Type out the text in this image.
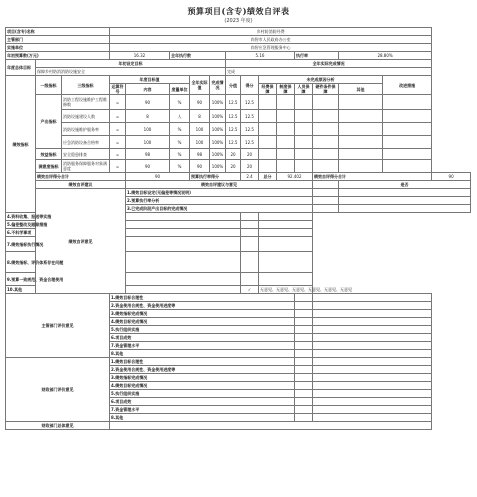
预算项目(含专)绩效自评表
(2023 年度)
项目(含专)名称			乡村防消防经费													
主管部门			尚智市人民政府办公室													
实施单位			尚智应急管理服务中心													
年初预算数(万元)			16.32		全年执行数			5.16				执行率		28.80%		
年度总体目标	年初设定目标							全年实际完成情况								
	保障乡村防消消防设施安全							完成								
绩效指标	一级指标	三级指标	年度目标值			全年实际值	完成情况	分值	得分	未完成原因分析					改进措施	
			运算符号	内容	度量单位					经费保障	制度保障	人员保障	硬件条件保障	其他		
	产出指标	消防工程设施维护工程维修数	=	90	%	90	100%	12.5	12.5							
		消防设施建设人数	=	8	人	8	100%	12.5	12.5							
		消防设施维护服务率	=	100	%	100	100%	12.5	12.5							
		应急消防设备合格率	=	100	%	100	100%	12.5	12.5							
	效益指标	安全隐患排查	=	98	%	98	100%	20	20							
	满意度指标	消防服务保障服务对象满意度	=	90	%	90	100%	20	20							
	绩效自评得分合计			90		预算执行率得分			2.4	总分	92.402		绩效自评得分合计			90
	绩效自评建议			绩效自评建议与意见										是否		
	绩效自评意见			1.绩效目标设定(无偏差等情况说明)												
				2.预算执行率分析												
				3.已完成阶段产出目标的完成情况												
4.资料收集、报送等实施																
5.偏差整改及跟踪措施																
6.不科学事项																
7.绩效指标执行情况																
8.绩效指标、评价体系存在问题																
9.预算一致规范、资金合理使用																
10.其他									✓	无意见、无意见、无意见、无意见、无意见、无意见						
主管部门评价意见			1.绩效目标合理性													
			2.资金使用合规性、资金使用进度等													
			3.绩效指标完成情况													
			4.绩效目标完成情况													
			5.执行组织实施													
			6.项目成效													
			7.资金管理水平													
			8.其他													
财政部门评价意见			1.绩效目标合理性													
			2.资金使用合规性、资金使用进度等													
			3.绩效指标完成情况													
			4.绩效目标完成情况													
			5.执行组织实施													
			6.项目成效													
			7.资金管理水平													
			8.其他													
财政部门总体意见																
